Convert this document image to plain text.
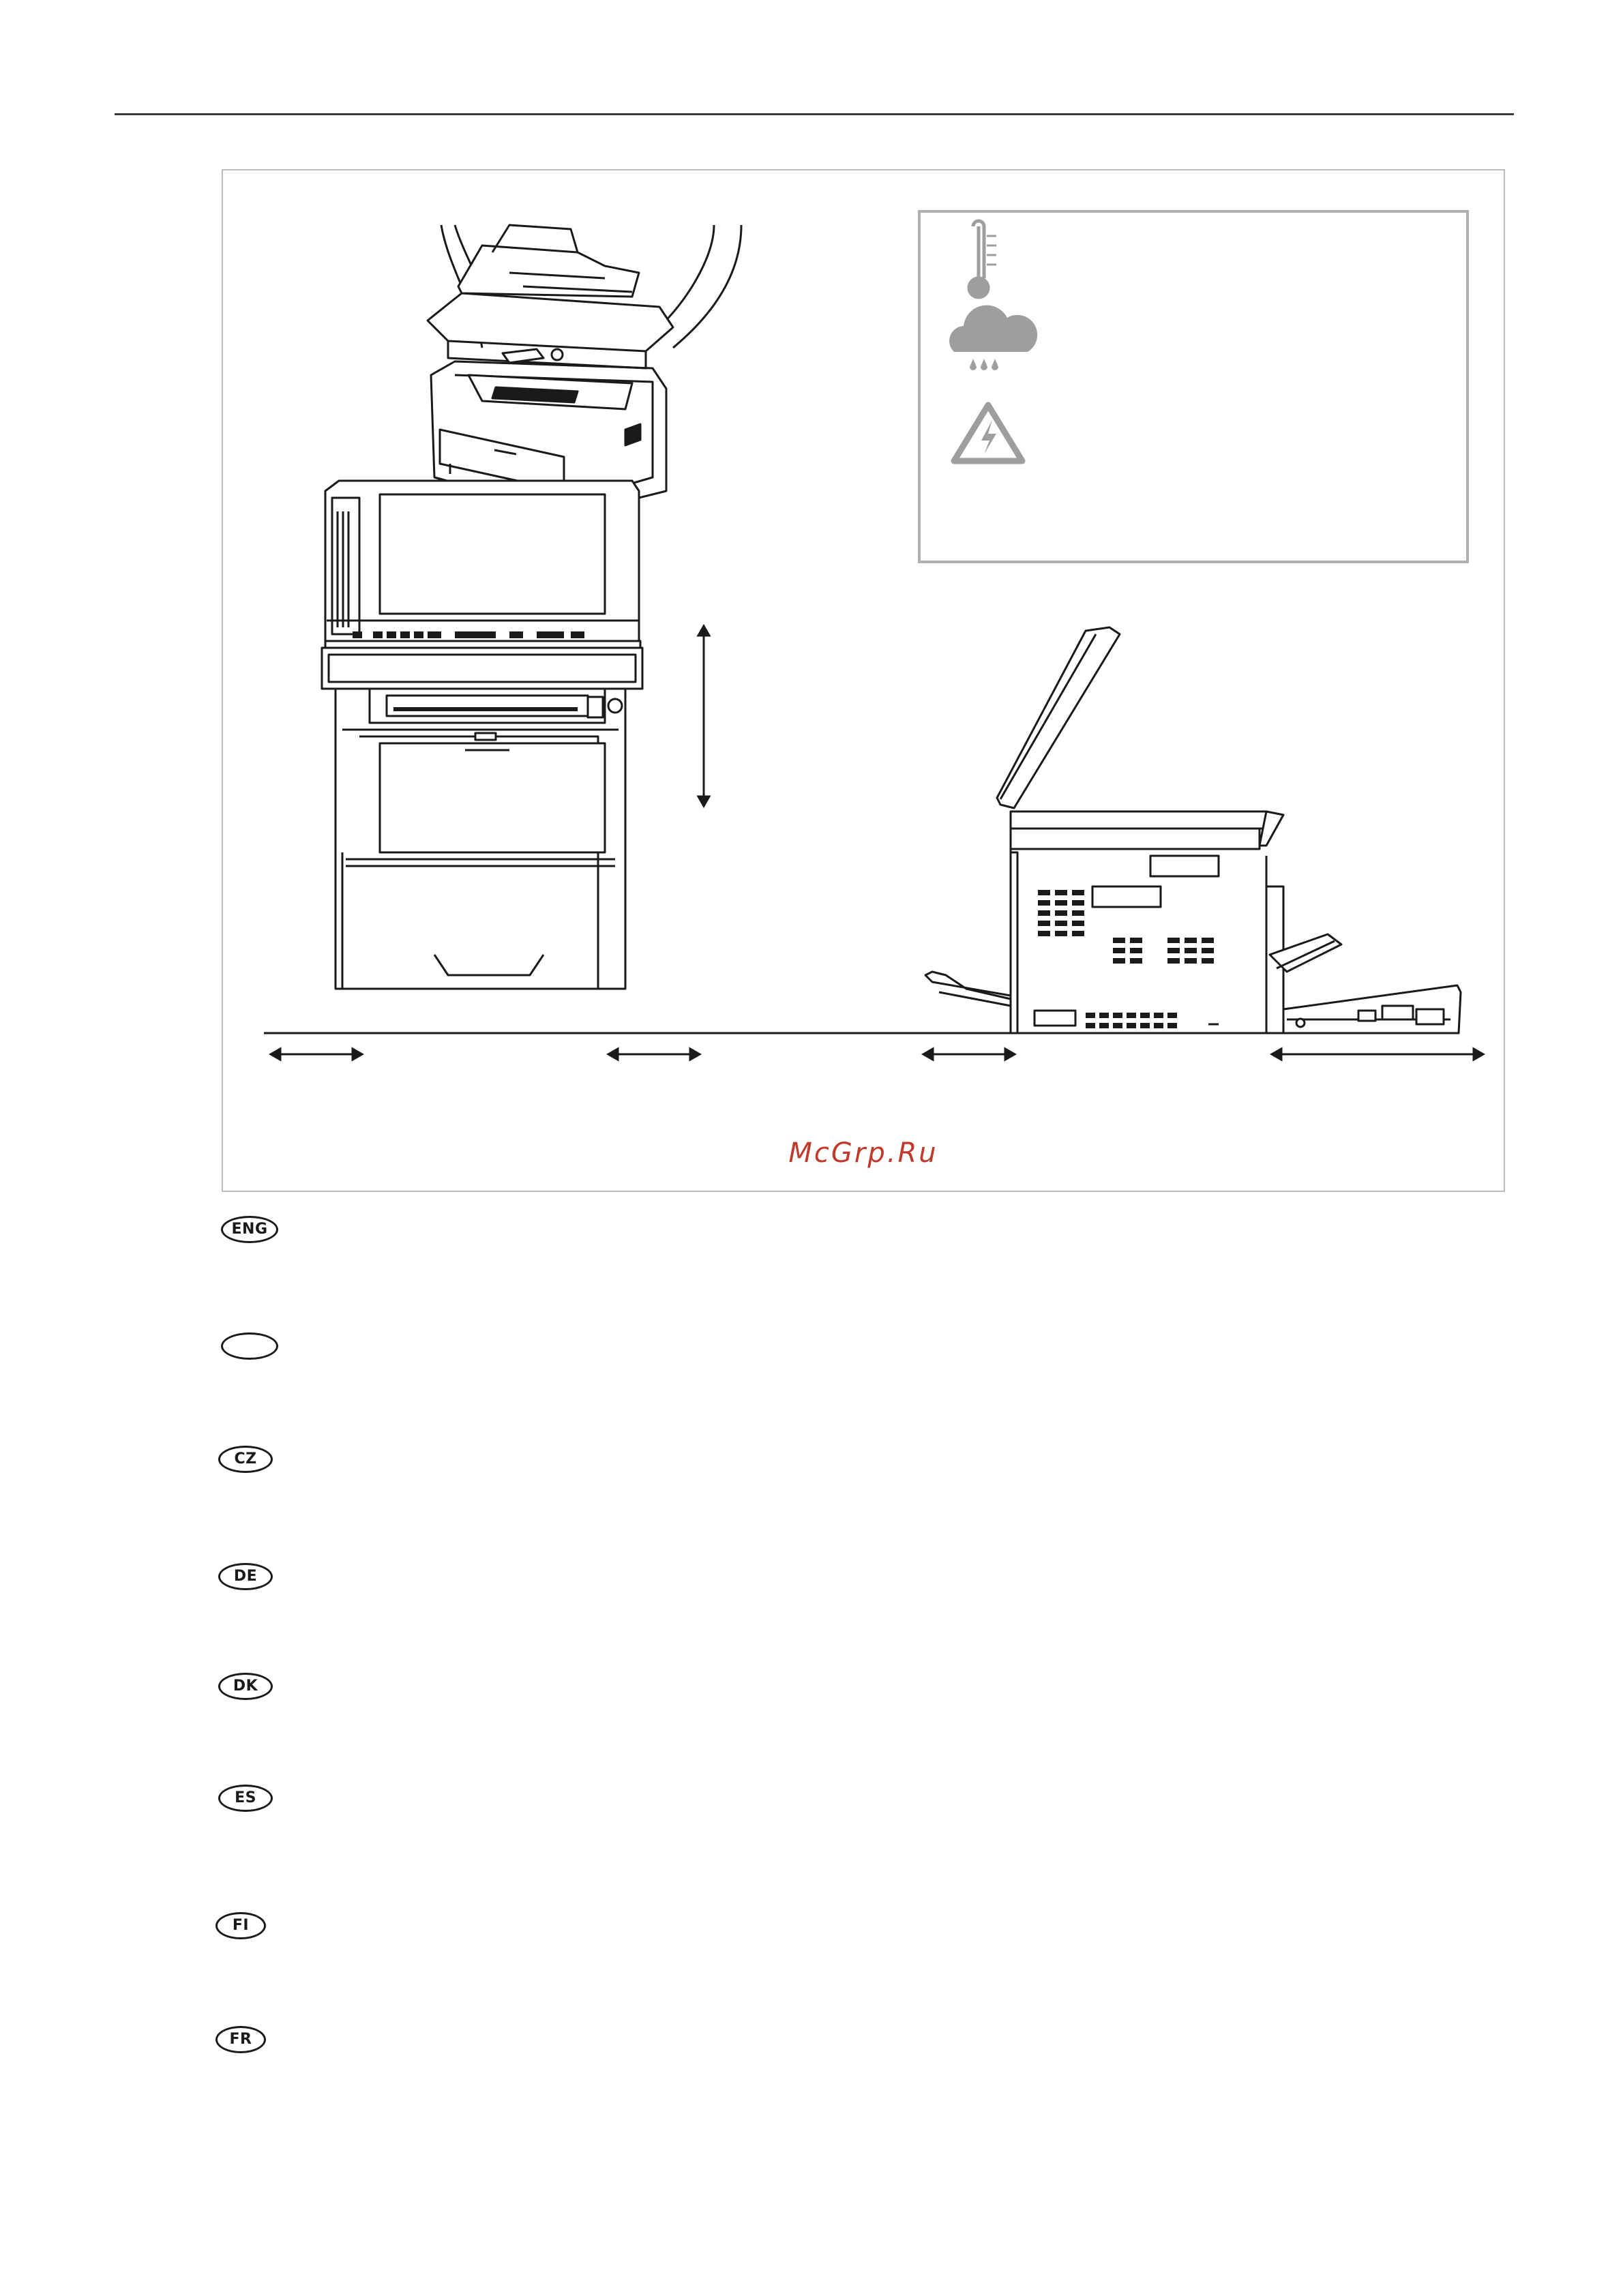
McGrp.Ru
ENG
CZ
DE
DK
ES
FI
FR
